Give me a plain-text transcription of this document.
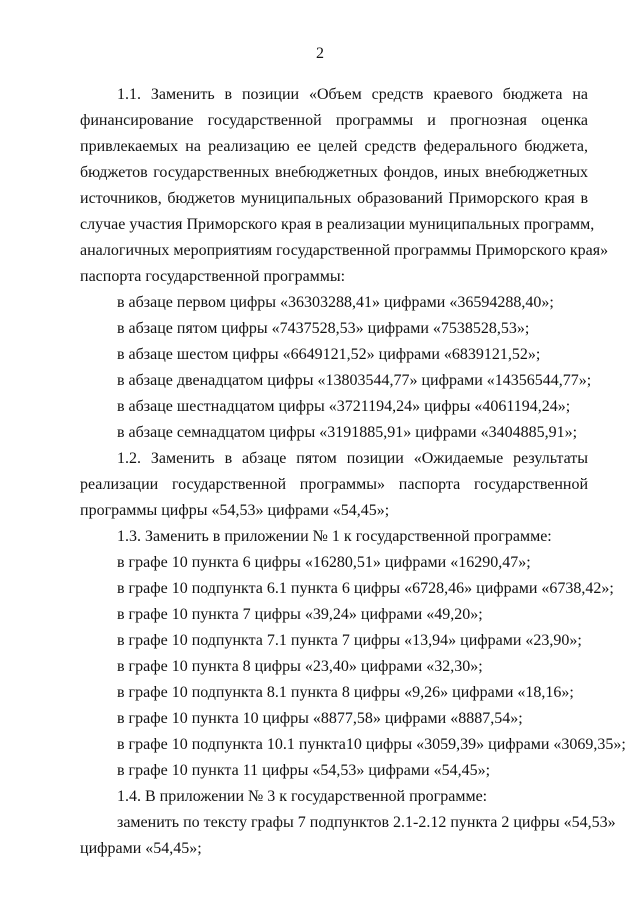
2
1.1. Заменить в позиции «Объем средств краевого бюджета на
финансирование государственной программы и прогнозная оценка
привлекаемых на реализацию ее целей средств федерального бюджета,
бюджетов государственных внебюджетных фондов, иных внебюджетных
источников, бюджетов муниципальных образований Приморского края в
случае участия Приморского края в реализации муниципальных программ,
аналогичных мероприятиям государственной программы Приморского края»
паспорта государственной программы:
в абзаце первом цифры «36303288,41» цифрами «36594288,40»;
в абзаце пятом цифры «7437528,53» цифрами «7538528,53»;
в абзаце шестом цифры «6649121,52» цифрами «6839121,52»;
в абзаце двенадцатом цифры «13803544,77» цифрами «14356544,77»;
в абзаце шестнадцатом цифры «3721194,24» цифры «4061194,24»;
в абзаце семнадцатом цифры «3191885,91» цифрами «3404885,91»;
1.2. Заменить в абзаце пятом позиции «Ожидаемые результаты
реализации государственной программы» паспорта государственной
программы цифры «54,53» цифрами «54,45»;
1.3. Заменить в приложении № 1 к государственной программе:
в графе 10 пункта 6 цифры «16280,51» цифрами «16290,47»;
в графе 10 подпункта 6.1 пункта 6 цифры «6728,46» цифрами «6738,42»;
в графе 10 пункта 7 цифры «39,24» цифрами «49,20»;
в графе 10 подпункта 7.1 пункта 7 цифры «13,94» цифрами «23,90»;
в графе 10 пункта 8 цифры «23,40» цифрами «32,30»;
в графе 10 подпункта 8.1 пункта 8 цифры «9,26» цифрами «18,16»;
в графе 10 пункта 10 цифры «8877,58» цифрами «8887,54»;
в графе 10 подпункта 10.1 пункта10 цифры «3059,39» цифрами «3069,35»;
в графе 10 пункта 11 цифры «54,53» цифрами «54,45»;
1.4. В приложении № 3 к государственной программе:
заменить по тексту графы 7 подпунктов 2.1-2.12 пункта 2 цифры «54,53»
цифрами «54,45»;
